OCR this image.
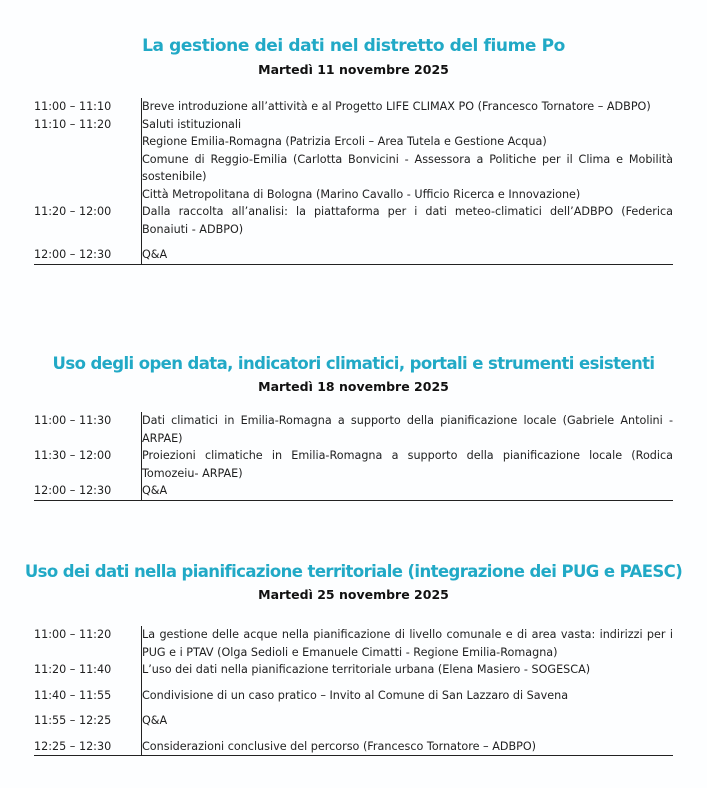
La gestione dei dati nel distretto del fiume Po
Martedì 11 novembre 2025
11:00 – 11:10	Breve introduzione all’attività e al Progetto LIFE CLIMAX PO (Francesco Tornatore – ADBPO)

11:10 – 11:20	Saluti istituzionali
Regione Emilia-Romagna (Patrizia Ercoli – Area Tutela e Gestione Acqua)
Comune di Reggio-Emilia (Carlotta Bonvicini - Assessora a Politiche per il Clima e Mobilità sostenibile)
Città Metropolitana di Bologna (Marino Cavallo - Ufficio Ricerca e Innovazione)

11:20 – 12:00	Dalla raccolta all’analisi: la piattaforma per i dati meteo-climatici dell’ADBPO (Federica Bonaiuti - ADBPO)

12:00 – 12:30	Q&A
Uso degli open data, indicatori climatici, portali e strumenti esistenti
Martedì 18 novembre 2025
11:00 – 11:30	Dati climatici in Emilia-Romagna a supporto della pianificazione locale (Gabriele Antolini - ARPAE)

11:30 – 12:00	Proiezioni climatiche in Emilia-Romagna a supporto della pianificazione locale (Rodica Tomozeiu- ARPAE)

12:00 – 12:30	Q&A
Uso dei dati nella pianificazione territoriale (integrazione dei PUG e PAESC)
Martedì 25 novembre 2025
11:00 – 11:20	La gestione delle acque nella pianificazione di livello comunale e di area vasta: indirizzi per i PUG e i PTAV (Olga Sedioli e Emanuele Cimatti - Regione Emilia-Romagna)

11:20 – 11:40	L’uso dei dati nella pianificazione territoriale urbana (Elena Masiero - SOGESCA)

11:40 – 11:55	Condivisione di un caso pratico – Invito al Comune di San Lazzaro di Savena

11:55 – 12:25	Q&A

12:25 – 12:30	Considerazioni conclusive del percorso (Francesco Tornatore – ADBPO)
